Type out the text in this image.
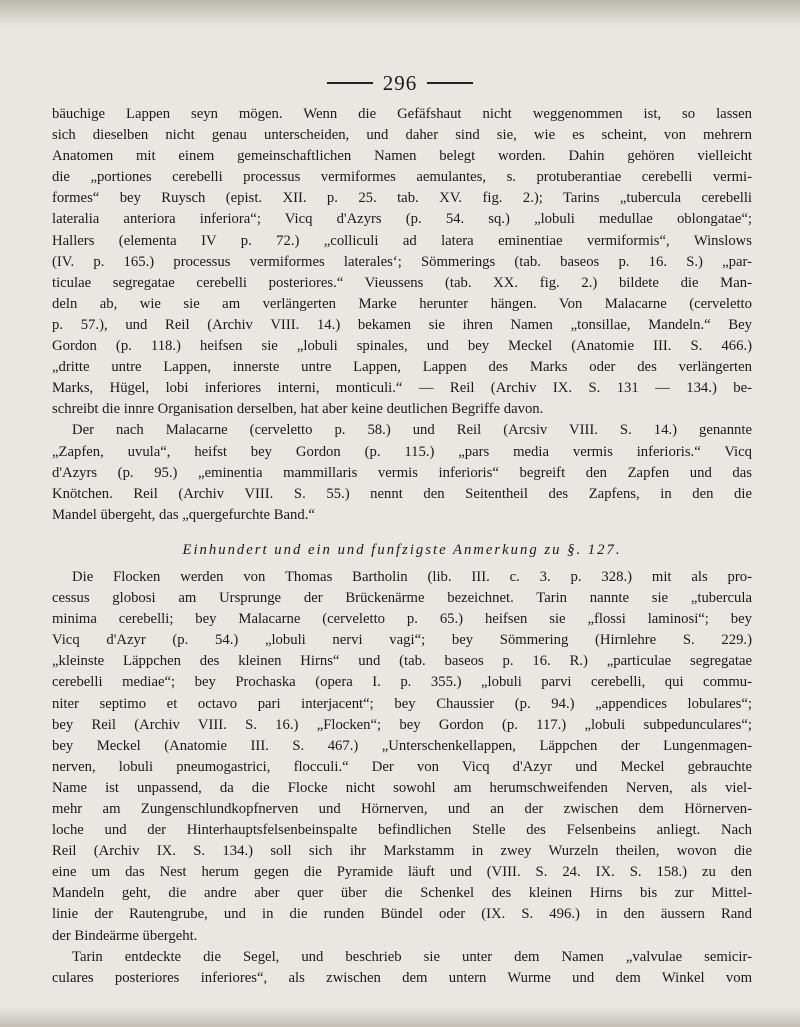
296
bäuchige Lappen seyn mögen. Wenn die Gefäfshaut nicht weggenommen ist, so lassen
sich dieselben nicht genau unterscheiden, und daher sind sie, wie es scheint, von mehrern
Anatomen mit einem gemeinschaftlichen Namen belegt worden. Dahin gehören vielleicht
die „portiones cerebelli processus vermiformes aemulantes, s. protuberantiae cerebelli vermi-
formes“ bey Ruysch (epist. XII. p. 25. tab. XV. fig. 2.); Tarins „tubercula cerebelli
lateralia anteriora inferiora“; Vicq d'Azyrs (p. 54. sq.) „lobuli medullae oblongatae“;
Hallers (elementa IV p. 72.) „colliculi ad latera eminentiae vermiformis“, Winslows
(IV. p. 165.) processus vermiformes laterales‘; Sömmerings (tab. baseos p. 16. S.) „par-
ticulae segregatae cerebelli posteriores.“ Vieussens (tab. XX. fig. 2.) bildete die Man-
deln ab, wie sie am verlängerten Marke herunter hängen. Von Malacarne (cerveletto
p. 57.), und Reil (Archiv VIII. 14.) bekamen sie ihren Namen „tonsillae, Mandeln.“ Bey
Gordon (p. 118.) heifsen sie „lobuli spinales, und bey Meckel (Anatomie III. S. 466.)
„dritte untre Lappen, innerste untre Lappen, Lappen des Marks oder des verlängerten
Marks, Hügel, lobi inferiores interni, monticuli.“ — Reil (Archiv IX. S. 131 — 134.) be-
schreibt die innre Organisation derselben, hat aber keine deutlichen Begriffe davon.
Der nach Malacarne (cerveletto p. 58.) und Reil (Arcsiv VIII. S. 14.) genannte
„Zapfen, uvula“, heifst bey Gordon (p. 115.) „pars media vermis inferioris.“ Vicq
d'Azyrs (p. 95.) „eminentia mammillaris vermis inferioris“ begreift den Zapfen und das
Knötchen. Reil (Archiv VIII. S. 55.) nennt den Seitentheil des Zapfens, in den die
Mandel übergeht, das „quergefurchte Band.“
Einhundert und ein und funfzigste Anmerkung zu §. 127.
Die Flocken werden von Thomas Bartholin (lib. III. c. 3. p. 328.) mit als pro-
cessus globosi am Ursprunge der Brückenärme bezeichnet. Tarin nannte sie „tubercula
minima cerebelli; bey Malacarne (cerveletto p. 65.) heifsen sie „flossi laminosi“; bey
Vicq d'Azyr (p. 54.) „lobuli nervi vagi“; bey Sömmering (Hirnlehre S. 229.)
„kleinste Läppchen des kleinen Hirns“ und (tab. baseos p. 16. R.) „particulae segregatae
cerebelli mediae“; bey Prochaska (opera I. p. 355.) „lobuli parvi cerebelli, qui commu-
niter septimo et octavo pari interjacent“; bey Chaussier (p. 94.) „appendices lobulares“;
bey Reil (Archiv VIII. S. 16.) „Flocken“; bey Gordon (p. 117.) „lobuli subpedunculares“;
bey Meckel (Anatomie III. S. 467.) „Unterschenkellappen, Läppchen der Lungenmagen-
nerven, lobuli pneumogastrici, flocculi.“ Der von Vicq d'Azyr und Meckel gebrauchte
Name ist unpassend, da die Flocke nicht sowohl am herumschweifenden Nerven, als viel-
mehr am Zungenschlundkopfnerven und Hörnerven, und an der zwischen dem Hörnerven-
loche und der Hinterhauptsfelsenbeinspalte befindlichen Stelle des Felsenbeins anliegt. Nach
Reil (Archiv IX. S. 134.) soll sich ihr Markstamm in zwey Wurzeln theilen, wovon die
eine um das Nest herum gegen die Pyramide läuft und (VIII. S. 24. IX. S. 158.) zu den
Mandeln geht, die andre aber quer über die Schenkel des kleinen Hirns bis zur Mittel-
linie der Rautengrube, und in die runden Bündel oder (IX. S. 496.) in den äussern Rand
der Bindeärme übergeht.
Tarin entdeckte die Segel, und beschrieb sie unter dem Namen „valvulae semicir-
culares posteriores inferiores“, als zwischen dem untern Wurme und dem Winkel vom
